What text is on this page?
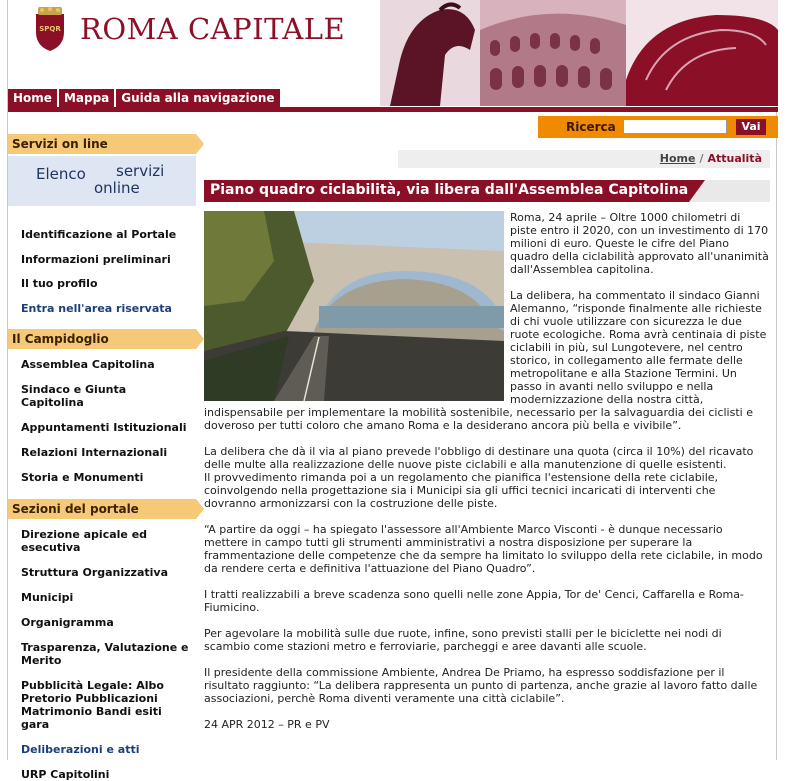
SPQR ROMA CAPITALE
Home	Mappa	Guida alla navigazione
Ricerca	Vai
Servizi on line
Elenco servizi
online
Identificazione al Portale
Informazioni preliminari
Il tuo profilo
Entra nell'area riservata
Il Campidoglio
Assemblea Capitolina
Sindaco e Giunta Capitolina
Appuntamenti Istituzionali
Relazioni Internazionali
Storia e Monumenti
Sezioni del portale
Direzione apicale ed esecutiva
Struttura Organizzativa
Municipi
Organigramma
Trasparenza, Valutazione e Merito
Pubblicità Legale: Albo Pretorio Pubblicazioni Matrimonio Bandi esiti gara
Deliberazioni e atti
URP Capitolini
Home / Attualità
Piano quadro ciclabilità, via libera dall'Assemblea Capitolina

Roma, 24 aprile – Oltre 1000 chilometri di piste entro il 2020, con un investimento di 170 milioni di euro. Queste le cifre del Piano quadro della ciclabilità approvato all'unanimità dall'Assemblea capitolina.

La delibera, ha commentato il sindaco Gianni Alemanno, “risponde finalmente alle richieste di chi vuole utilizzare con sicurezza le due ruote ecologiche. Roma avrà centinaia di piste ciclabili in più, sul Lungotevere, nel centro storico, in collegamento alle fermate delle metropolitane e alla Stazione Termini. Un passo in avanti nello sviluppo e nella modernizzazione della nostra città, indispensabile per implementare la mobilità sostenibile, necessario per la salvaguardia dei ciclisti e doveroso per tutti coloro che amano Roma e la desiderano ancora più bella e vivibile”.

La delibera che dà il via al piano prevede l'obbligo di destinare una quota (circa il 10%) del ricavato delle multe alla realizzazione delle nuove piste ciclabili e alla manutenzione di quelle esistenti.

Il provvedimento rimanda poi a un regolamento che pianifica l'estensione della rete ciclabile, coinvolgendo nella progettazione sia i Municipi sia gli uffici tecnici incaricati di interventi che dovranno armonizzarsi con la costruzione delle piste.

“A partire da oggi – ha spiegato l'assessore all'Ambiente Marco Visconti - è dunque necessario mettere in campo tutti gli strumenti amministrativi a nostra disposizione per superare la frammentazione delle competenze che da sempre ha limitato lo sviluppo della rete ciclabile, in modo da rendere certa e definitiva l'attuazione del Piano Quadro”.

I tratti realizzabili a breve scadenza sono quelli nelle zone Appia, Tor de' Cenci, Caffarella e Roma-Fiumicino.

Per agevolare la mobilità sulle due ruote, infine, sono previsti stalli per le biciclette nei nodi di scambio come stazioni metro e ferroviarie, parcheggi e aree davanti alle scuole.

Il presidente della commissione Ambiente, Andrea De Priamo, ha espresso soddisfazione per il risultato raggiunto: “La delibera rappresenta un punto di partenza, anche grazie al lavoro fatto dalle associazioni, perchè Roma diventi veramente una città ciclabile”.

24 APR 2012 – PR e PV
